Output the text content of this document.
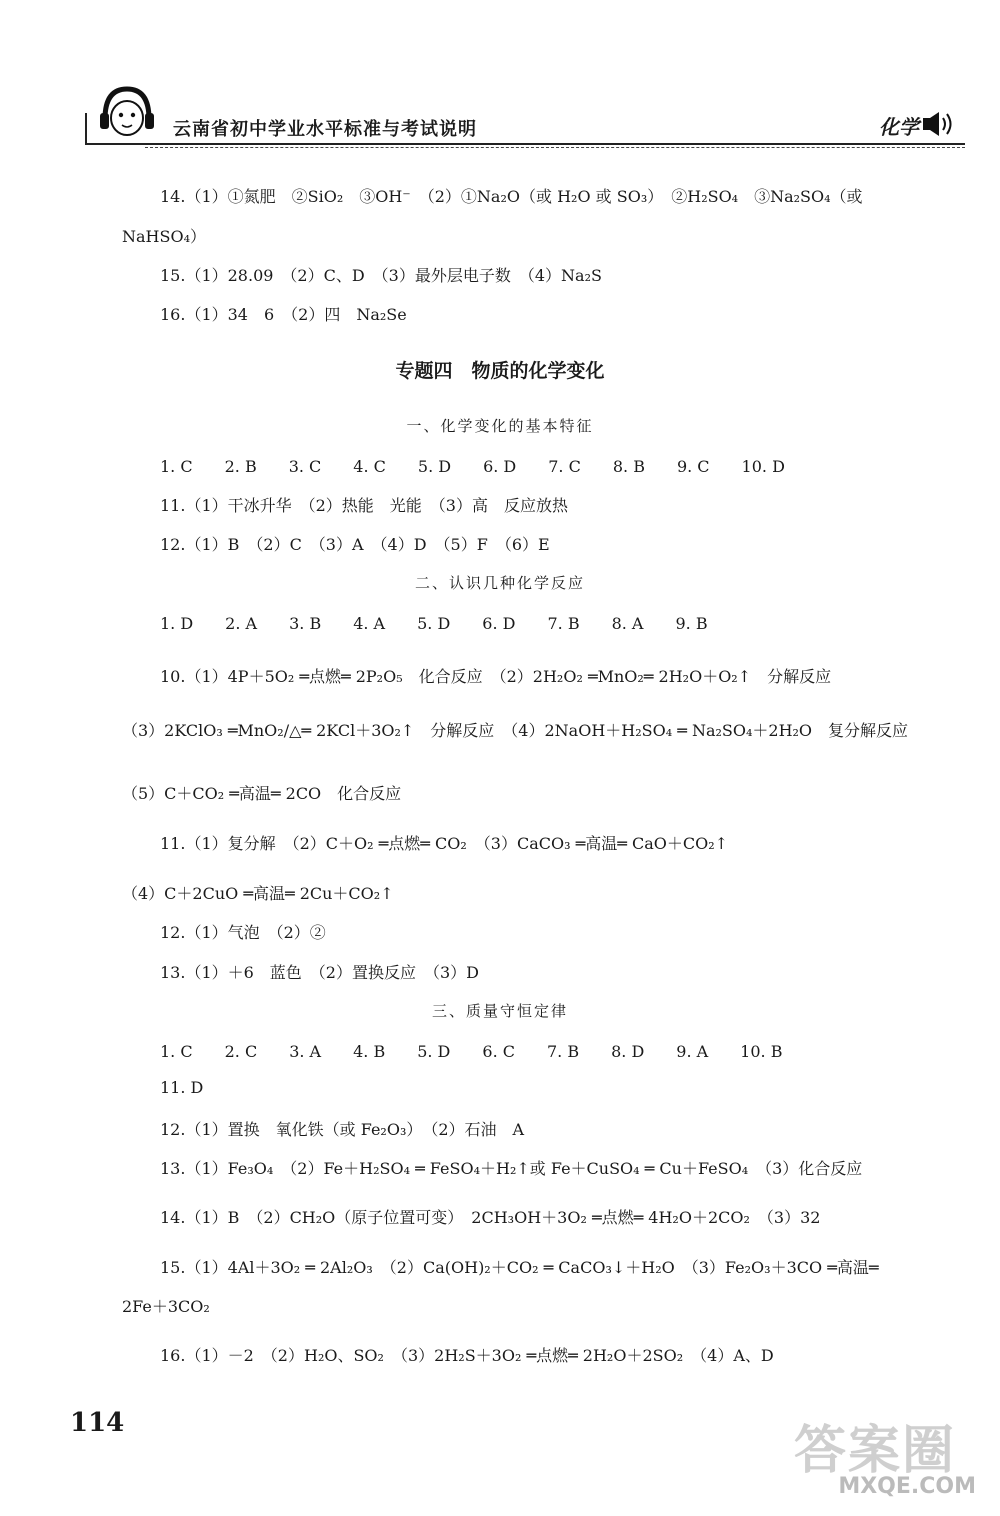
云南省初中学业水平标准与考试说明	化学
14.（1）①氮肥　②SiO₂　③OH⁻　（2）①Na₂O（或 H₂O 或 SO₃）　②H₂SO₄　③Na₂SO₄（或
NaHSO₄）
15.（1）28.09　（2）C、D　（3）最外层电子数　（4）Na₂S
16.（1）34　6　（2）四　Na₂Se
专题四　物质的化学变化
一、化学变化的基本特征
1. C　　2. B　　3. C　　4. C　　5. D　　6. D　　7. C　　8. B　　9. C　　10. D
11.（1）干冰升华　（2）热能　光能　（3）高　反应放热
12.（1）B　（2）C　（3）A　（4）D　（5）F　（6）E
二、认识几种化学反应
1. D　　2. A　　3. B　　4. A　　5. D　　6. D　　7. B　　8. A　　9. B
10.（1）4P＋5O₂ ═点燃═ 2P₂O₅　化合反应　（2）2H₂O₂ ═MnO₂═ 2H₂O＋O₂↑　分解反应
（3）2KClO₃ ═MnO₂/△═ 2KCl＋3O₂↑　分解反应　（4）2NaOH＋H₂SO₄ ═ Na₂SO₄＋2H₂O　复分解反应
（5）C＋CO₂ ═高温═ 2CO　化合反应
11.（1）复分解　（2）C＋O₂ ═点燃═ CO₂　（3）CaCO₃ ═高温═ CaO＋CO₂↑
（4）C＋2CuO ═高温═ 2Cu＋CO₂↑
12.（1）气泡　（2）②
13.（1）＋6　蓝色　（2）置换反应　（3）D
三、质量守恒定律
1. C　　2. C　　3. A　　4. B　　5. D　　6. C　　7. B　　8. D　　9. A　　10. B
11. D
12.（1）置换　氧化铁（或 Fe₂O₃）　（2）石油　A
13.（1）Fe₃O₄　（2）Fe＋H₂SO₄ ═ FeSO₄＋H₂↑或 Fe＋CuSO₄ ═ Cu＋FeSO₄　（3）化合反应
14.（1）B　（2）CH₂O（原子位置可变）　2CH₃OH＋3O₂ ═点燃═ 4H₂O＋2CO₂　（3）32
15.（1）4Al＋3O₂ ═ 2Al₂O₃　（2）Ca(OH)₂＋CO₂ ═ CaCO₃↓＋H₂O　（3）Fe₂O₃＋3CO ═高温═
2Fe＋3CO₂
16.（1）－2　（2）H₂O、SO₂　（3）2H₂S＋3O₂ ═点燃═ 2H₂O＋2SO₂　（4）A、D
114	答案圈
MXQE.COM
